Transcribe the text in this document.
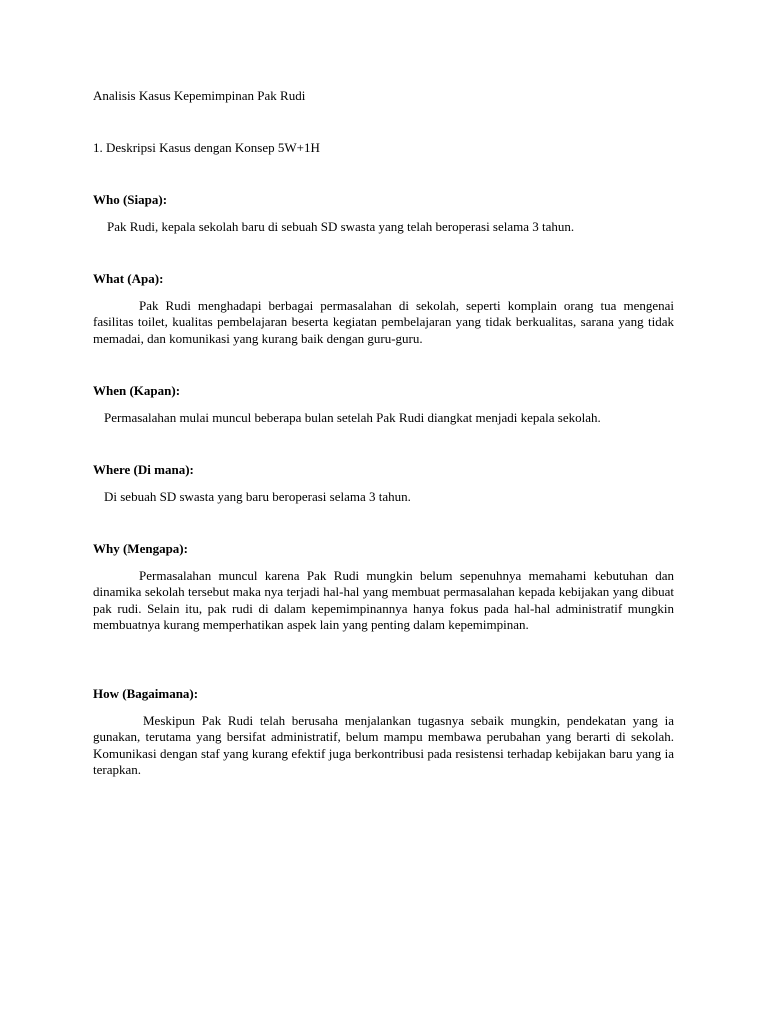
Analisis Kasus Kepemimpinan Pak Rudi
1. Deskripsi Kasus dengan Konsep 5W+1H

Who (Siapa):

Pak Rudi, kepala sekolah baru di sebuah SD swasta yang telah beroperasi selama 3 tahun.

What (Apa):

Pak Rudi menghadapi berbagai permasalahan di sekolah, seperti komplain orang tua mengenai fasilitas toilet, kualitas pembelajaran beserta kegiatan pembelajaran yang tidak berkualitas, sarana yang tidak memadai, dan komunikasi yang kurang baik dengan guru-guru.

When (Kapan):

Permasalahan mulai muncul beberapa bulan setelah Pak Rudi diangkat menjadi kepala sekolah.

Where (Di mana):

Di sebuah SD swasta yang baru beroperasi selama 3 tahun.

Why (Mengapa):

Permasalahan muncul karena Pak Rudi mungkin belum sepenuhnya memahami kebutuhan dan dinamika sekolah tersebut maka nya terjadi hal-hal yang membuat permasalahan kepada kebijakan yang dibuat pak rudi. Selain itu, pak rudi di dalam kepemimpinannya hanya fokus pada hal-hal administratif mungkin membuatnya kurang memperhatikan aspek lain yang penting dalam kepemimpinan.

How (Bagaimana):

Meskipun Pak Rudi telah berusaha menjalankan tugasnya sebaik mungkin, pendekatan yang ia gunakan, terutama yang bersifat administratif, belum mampu membawa perubahan yang berarti di sekolah. Komunikasi dengan staf yang kurang efektif juga berkontribusi pada resistensi terhadap kebijakan baru yang ia terapkan.
